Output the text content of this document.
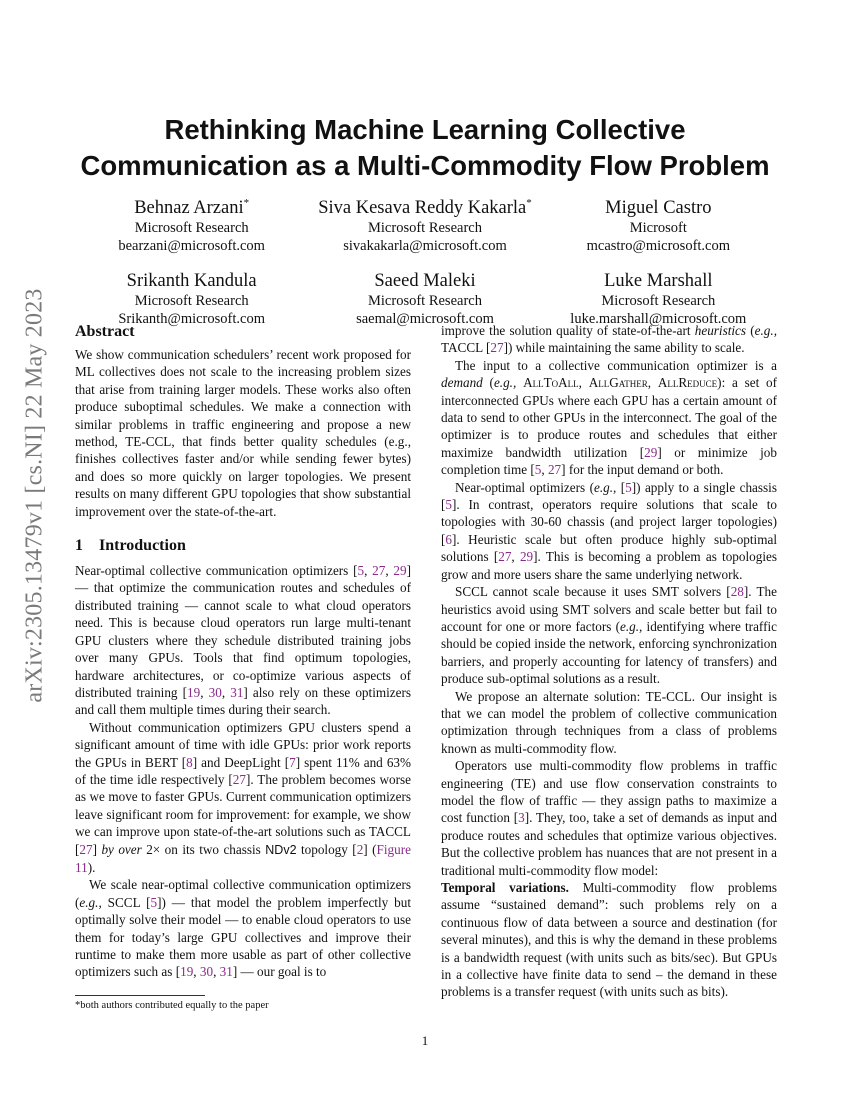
arXiv:2305.13479v1 [cs.NI] 22 May 2023
Rethinking Machine Learning Collective
Communication as a Multi-Commodity Flow Problem
Behnaz Arzani*
Microsoft Research
bearzani@microsoft.com
Siva Kesava Reddy Kakarla*
Microsoft Research
sivakakarla@microsoft.com
Miguel Castro
Microsoft
mcastro@microsoft.com
Srikanth Kandula
Microsoft Research
Srikanth@microsoft.com
Saeed Maleki
Microsoft Research
saemal@microsoft.com
Luke Marshall
Microsoft Research
luke.marshall@microsoft.com
Abstract

We show communication schedulers’ recent work proposed for ML collectives does not scale to the increasing problem sizes that arise from training larger models. These works also often produce suboptimal schedules. We make a connection with similar problems in traffic engineering and propose a new method, TE-CCL, that finds better quality schedules (e.g., finishes collectives faster and/or while sending fewer bytes) and does so more quickly on larger topologies. We present results on many different GPU topologies that show substantial improvement over the state-of-the-art.

1 Introduction

Near-optimal collective communication optimizers [5, 27, 29] — that optimize the communication routes and schedules of distributed training — cannot scale to what cloud operators need. This is because cloud operators run large multi-tenant GPU clusters where they schedule distributed training jobs over many GPUs. Tools that find optimum topologies, hardware architectures, or co-optimize various aspects of distributed training [19, 30, 31] also rely on these optimizers and call them multiple times during their search.

Without communication optimizers GPU clusters spend a significant amount of time with idle GPUs: prior work reports the GPUs in BERT [8] and DeepLight [7] spent 11% and 63% of the time idle respectively [27]. The problem becomes worse as we move to faster GPUs. Current communication optimizers leave significant room for improvement: for example, we show we can improve upon state-of-the-art solutions such as TACCL [27] by over 2× on its two chassis NDv2 topology [2] (Figure 11).

We scale near-optimal collective communication optimizers (e.g., SCCL [5]) — that model the problem imperfectly but optimally solve their model — to enable cloud operators to use them for today’s large GPU collectives and improve their runtime to make them more usable as part of other collective optimizers such as [19, 30, 31] — our goal is to

improve the solution quality of state-of-the-art heuristics (e.g., TACCL [27]) while maintaining the same ability to scale.

The input to a collective communication optimizer is a demand (e.g., AllToAll, AllGather, AllReduce): a set of interconnected GPUs where each GPU has a certain amount of data to send to other GPUs in the interconnect. The goal of the optimizer is to produce routes and schedules that either maximize bandwidth utilization [29] or minimize job completion time [5, 27] for the input demand or both.

Near-optimal optimizers (e.g., [5]) apply to a single chassis [5]. In contrast, operators require solutions that scale to topologies with 30-60 chassis (and project larger topologies) [6]. Heuristic scale but often produce highly sub-optimal solutions [27, 29]. This is becoming a problem as topologies grow and more users share the same underlying network.

SCCL cannot scale because it uses SMT solvers [28]. The heuristics avoid using SMT solvers and scale better but fail to account for one or more factors (e.g., identifying where traffic should be copied inside the network, enforcing synchronization barriers, and properly accounting for latency of transfers) and produce sub-optimal solutions as a result.

We propose an alternate solution: TE-CCL. Our insight is that we can model the problem of collective communication optimization through techniques from a class of problems known as multi-commodity flow.

Operators use multi-commodity flow problems in traffic engineering (TE) and use flow conservation constraints to model the flow of traffic — they assign paths to maximize a cost function [3]. They, too, take a set of demands as input and produce routes and schedules that optimize various objectives. But the collective problem has nuances that are not present in a traditional multi-commodity flow model:

Temporal variations. Multi-commodity flow problems assume “sustained demand”: such problems rely on a continuous flow of data between a source and destination (for several minutes), and this is why the demand in these problems is a bandwidth request (with units such as bits/sec). But GPUs in a collective have finite data to send – the demand in these problems is a transfer request (with units such as bits).

*both authors contributed equally to the paper
1
